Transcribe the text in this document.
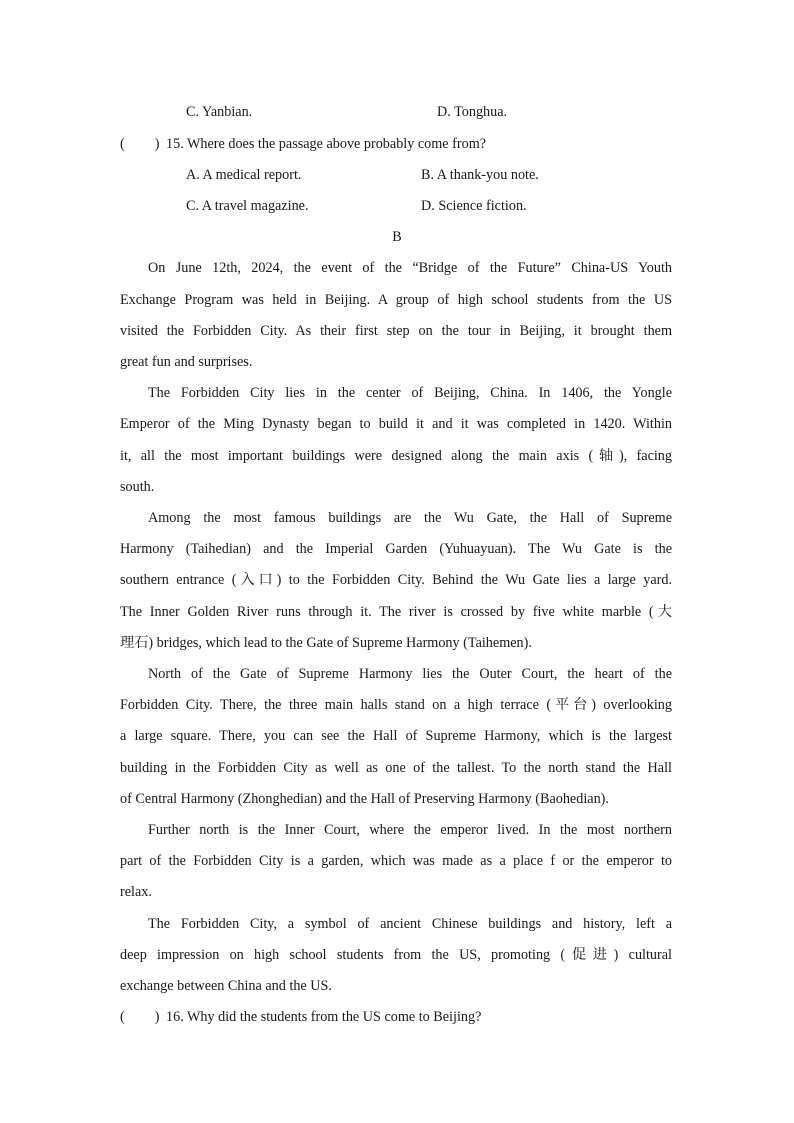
C. Yanbian.	D. Tonghua.
( ) 15. Where does the passage above probably come from?
A. A medical report.	B. A thank-you note.
C. A travel magazine.	D. Science fiction.
B
On June 12th, 2024, the event of the “Bridge of the Future” China-US Youth
Exchange Program was held in Beijing. A group of high school students from the US
visited the Forbidden City. As their first step on the tour in Beijing, it brought them
great fun and surprises.
The Forbidden City lies in the center of Beijing, China. In 1406, the Yongle
Emperor of the Ming Dynasty began to build it and it was completed in 1420. Within
it, all the most important buildings were designed along the main axis (轴), facing
south.
Among the most famous buildings are the Wu Gate, the Hall of Supreme
Harmony (Taihedian) and the Imperial Garden (Yuhuayuan). The Wu Gate is the
southern entrance (入口) to the Forbidden City. Behind the Wu Gate lies a large yard.
The Inner Golden River runs through it. The river is crossed by five white marble (大
理石) bridges, which lead to the Gate of Supreme Harmony (Taihemen).
North of the Gate of Supreme Harmony lies the Outer Court, the heart of the
Forbidden City. There, the three main halls stand on a high terrace (平台) overlooking
a large square. There, you can see the Hall of Supreme Harmony, which is the largest
building in the Forbidden City as well as one of the tallest. To the north stand the Hall
of Central Harmony (Zhonghedian) and the Hall of Preserving Harmony (Baohedian).
Further north is the Inner Court, where the emperor lived. In the most northern
part of the Forbidden City is a garden, which was made as a place f or the emperor to
relax.
The Forbidden City, a symbol of ancient Chinese buildings and history, left a
deep impression on high school students from the US, promoting (促进) cultural
exchange between China and the US.
( ) 16. Why did the students from the US come to Beijing?
